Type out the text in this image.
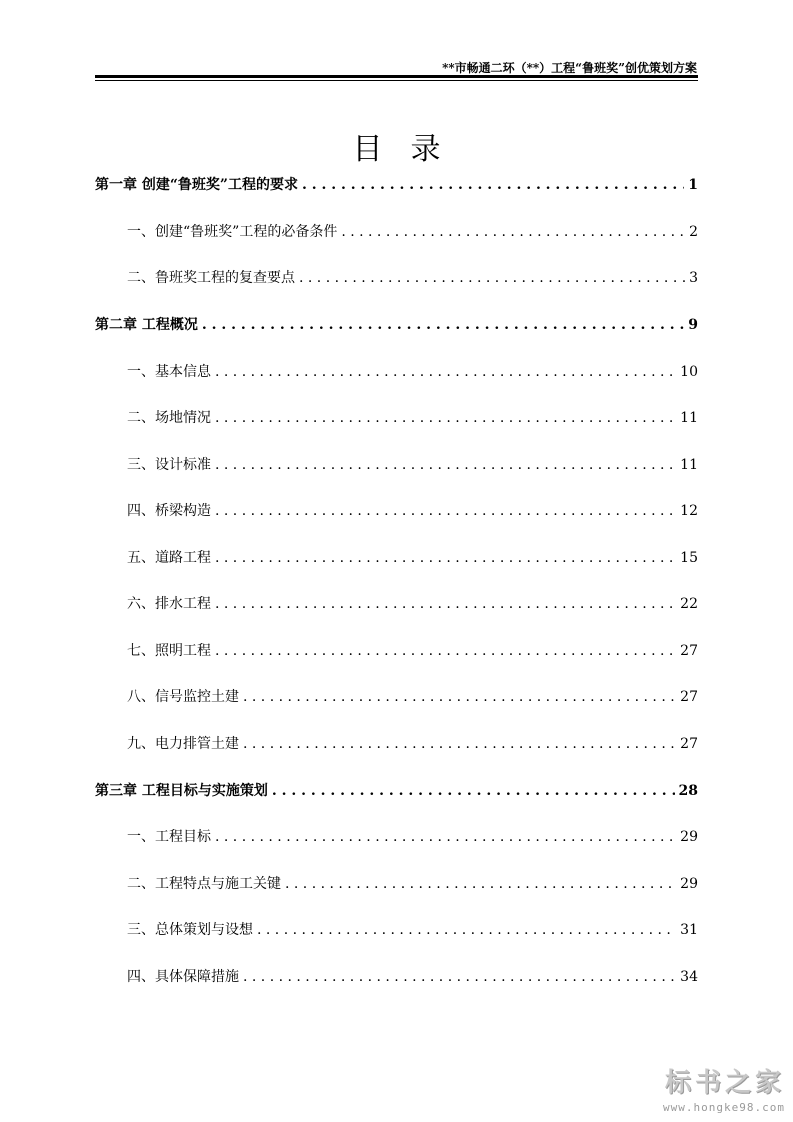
**市畅通二环（**）工程“鲁班奖”创优策划方案
目录
第一章 创建“鲁班奖”工程的要求 . . .	1
一、创建“鲁班奖”工程的必备条件 . . .	2
二、鲁班奖工程的复查要点 . . .	3
第二章 工程概况 . . .	9
一、基本信息 . . .	10
二、场地情况 . . .	11
三、设计标准 . . .	11
四、桥梁构造 . . .	12
五、道路工程 . . .	15
六、排水工程 . . .	22
七、照明工程 . . .	27
八、信号监控土建 . . .	27
九、电力排管土建 . . .	27
第三章 工程目标与实施策划 . . .	28
一、工程目标 . . .	29
二、工程特点与施工关键 . . .	29
三、总体策划与设想 . . .	31
四、具体保障措施 . . .	34
标书之家
www.hongke98.com
